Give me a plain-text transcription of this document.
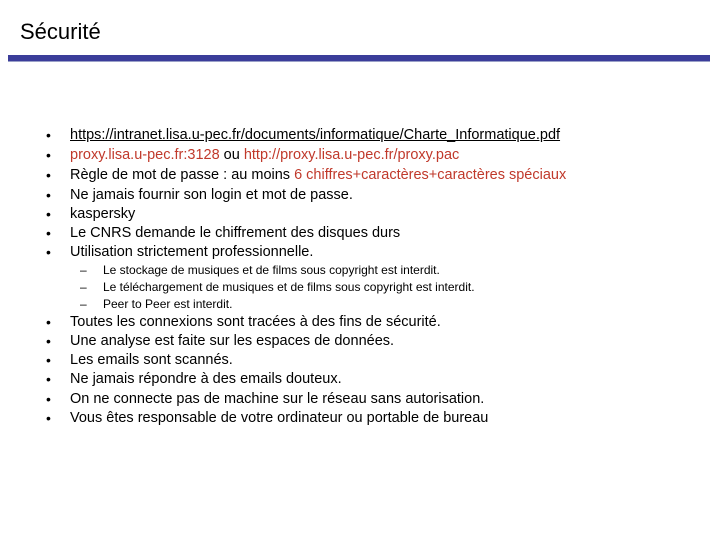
Sécurité
• https://intranet.lisa.u-pec.fr/documents/informatique/Charte_Informatique.pdf
• proxy.lisa.u-pec.fr:3128 ou http://proxy.lisa.u-pec.fr/proxy.pac
• Règle de mot de passe : au moins 6 chiffres+caractères+caractères spéciaux
• Ne jamais fournir son login et mot de passe.
• kaspersky
• Le CNRS demande le chiffrement des disques durs
• Utilisation strictement professionnelle.
– Le stockage de musiques et de films sous copyright est interdit.
– Le téléchargement de musiques et de films sous copyright est interdit.
– Peer to Peer est interdit.
• Toutes les connexions sont tracées à des fins de sécurité.
• Une analyse est faite sur les espaces de données.
• Les emails sont scannés.
• Ne jamais répondre à des emails douteux.
• On ne connecte pas de machine sur le réseau sans autorisation.
• Vous êtes responsable de votre ordinateur ou portable de bureau
